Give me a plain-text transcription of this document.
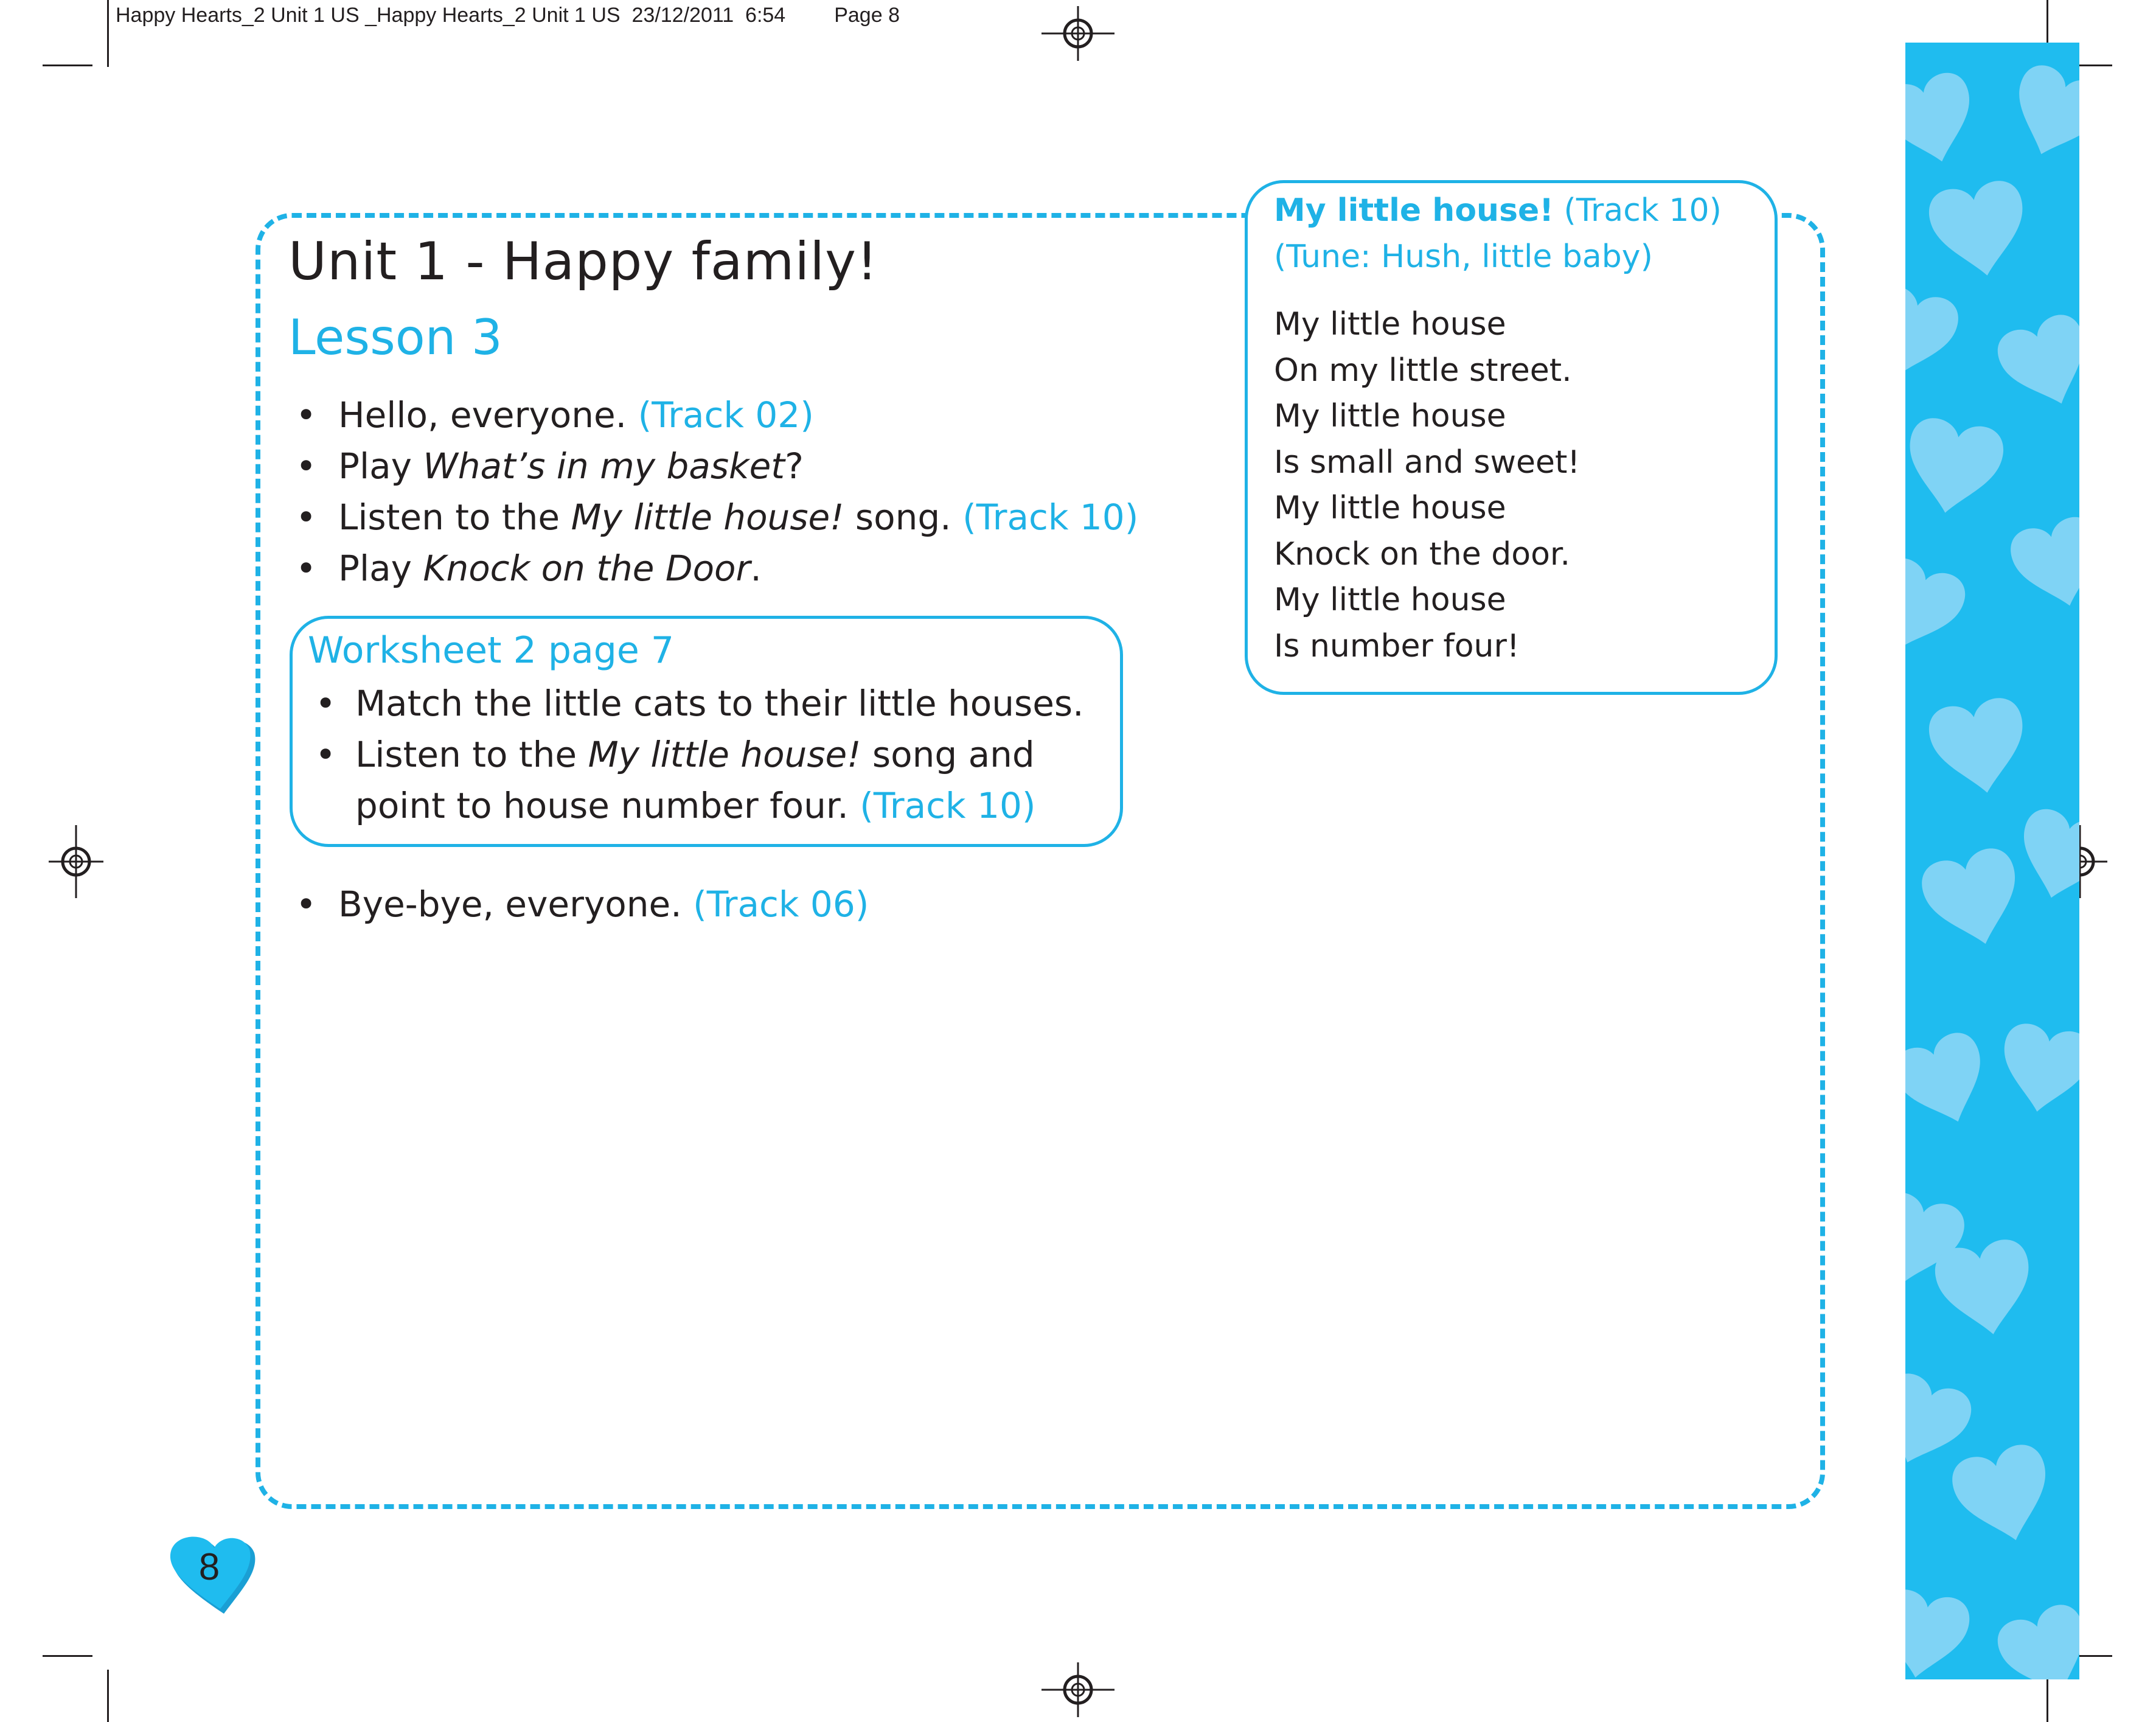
Happy Hearts_2 Unit 1 US _Happy Hearts_2 Unit 1 US  23/12/2011  6:54 Page 8
Unit 1 - Happy family!
Lesson 3
• Hello, everyone. (Track 02)
• Play What’s in my basket?
• Listen to the My little house! song. (Track 10)
• Play Knock on the Door.
Worksheet 2 page 7
• Match the little cats to their little houses.
• Listen to the My little house! song and point to house number four. (Track 10)
• Bye-bye, everyone. (Track 06)
My little house! (Track 10)
(Tune: Hush, little baby)
My little house
On my little street.
My little house
Is small and sweet!
My little house
Knock on the door.
My little house
Is number four!
8
